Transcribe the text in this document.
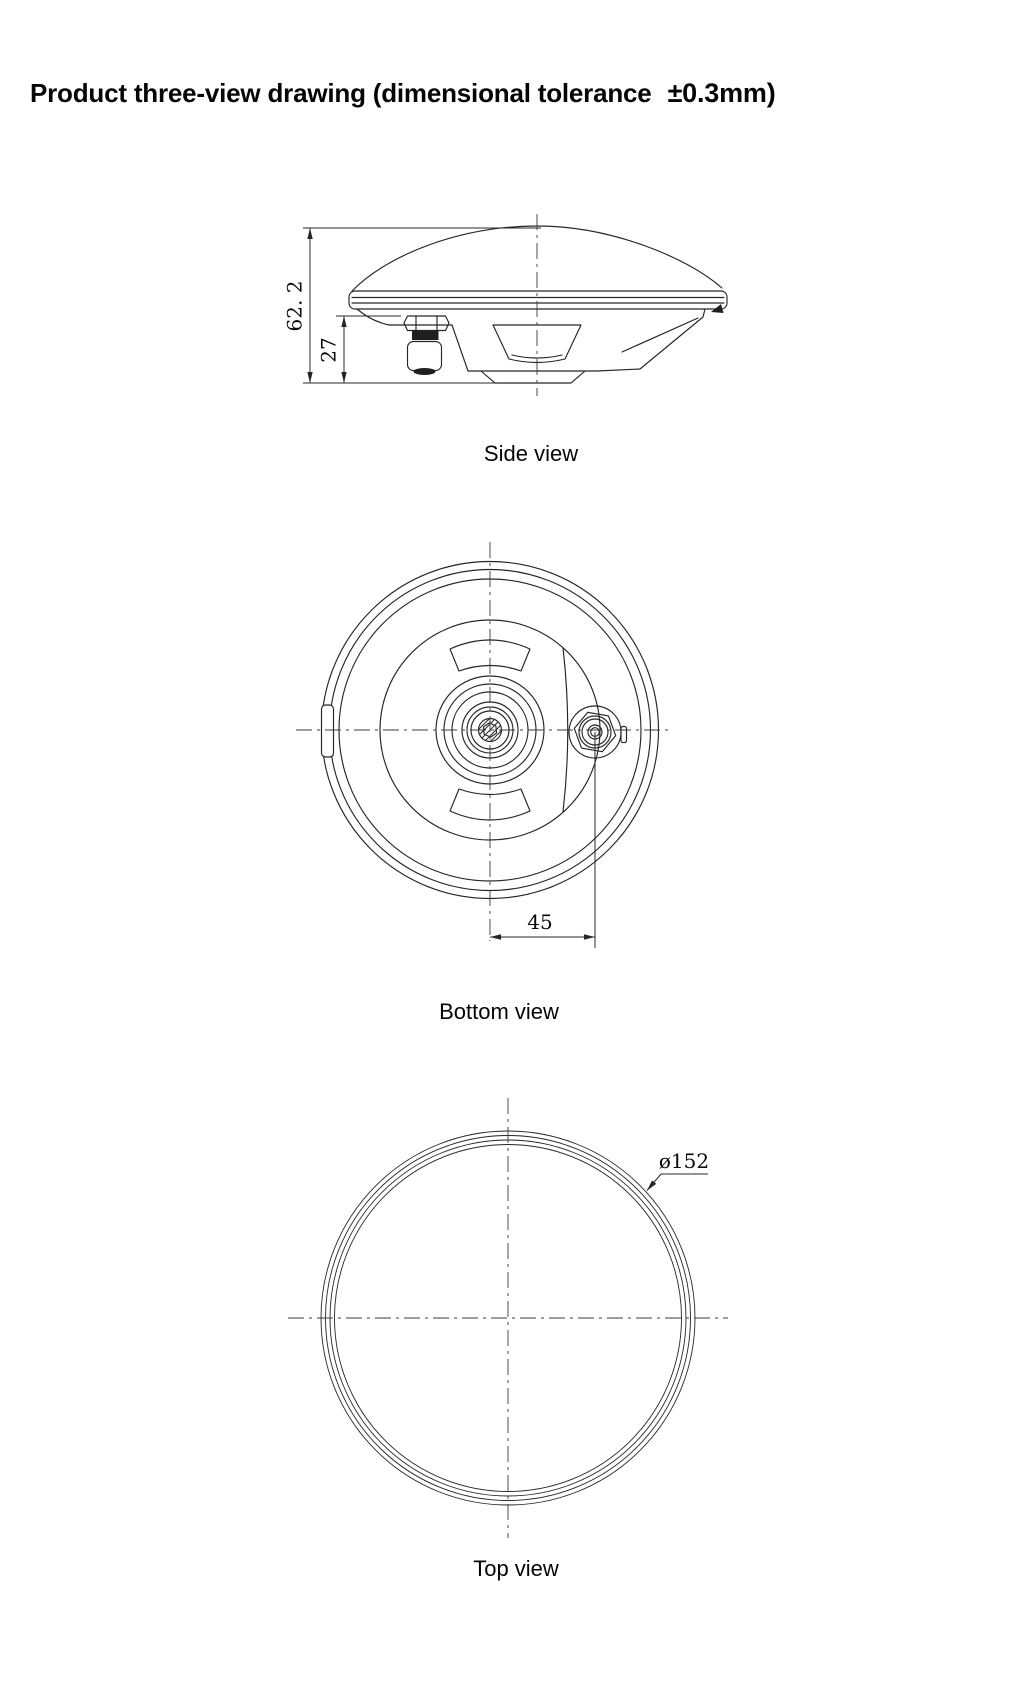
Product three-view drawing (dimensional tolerance ±0.3mm)
62. 2
27
Side view
45
Bottom view
ø152
Top view
